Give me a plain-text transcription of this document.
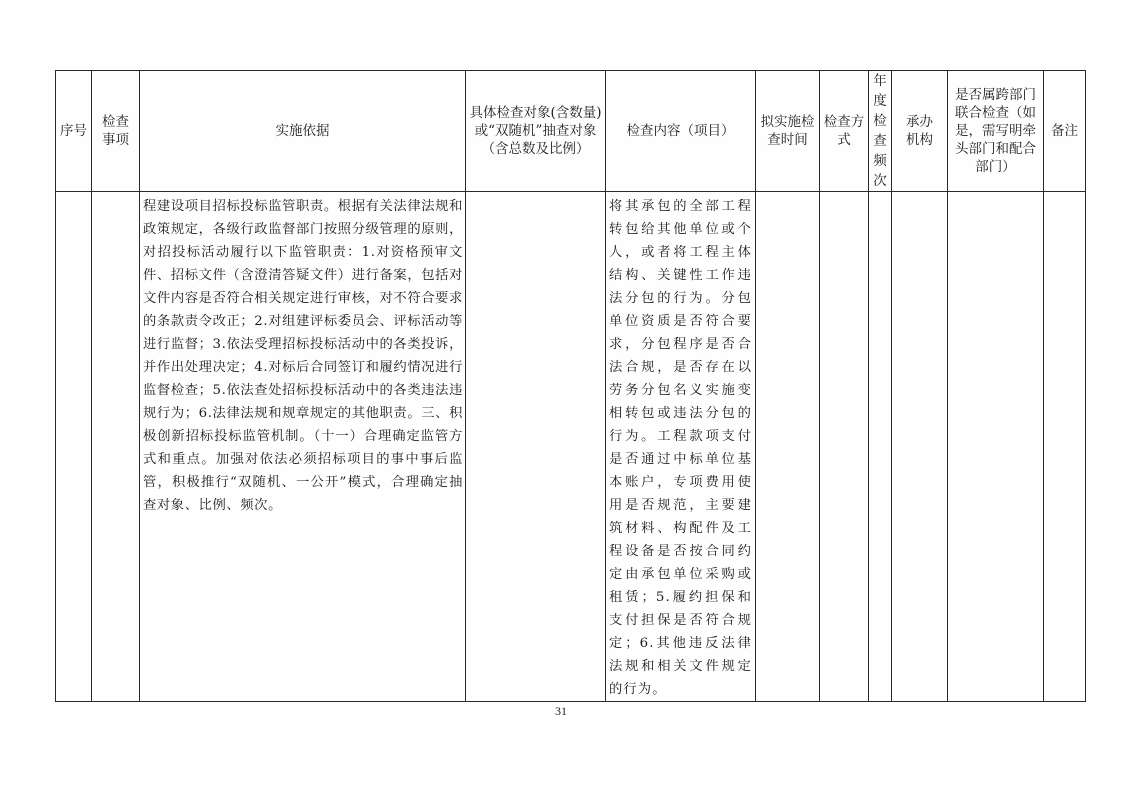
序号	检查事项	实施依据	具体检查对象(含数量)或“双随机”抽查对象（含总数及比例）	检查内容（项目）	拟实施检查时间	检查方式	年度检查频次	承办机构	是否属跨部门联合检查（如是，需写明牵头部门和配合部门）	备注

		程建设项目招标投标监管职责。根据有关法律法规和政策规定，各级行政监督部门按照分级管理的原则，对招投标活动履行以下监管职责：1.对资格预审文件、招标文件（含澄清答疑文件）进行备案，包括对文件内容是否符合相关规定进行审核，对不符合要求的条款责令改正；2.对组建评标委员会、评标活动等进行监督；3.依法受理招标投标活动中的各类投诉，并作出处理决定；4.对标后合同签订和履约情况进行监督检查；5.依法查处招标投标活动中的各类违法违规行为；6.法律法规和规章规定的其他职责。三、积极创新招标投标监管机制。（十一）合理确定监管方式和重点。加强对依法必须招标项目的事中事后监管，积极推行“双随机、一公开”模式，合理确定抽查对象、比例、频次。		将其承包的全部工程转包给其他单位或个人，或者将工程主体结构、关键性工作违法分包的行为。分包单位资质是否符合要求，分包程序是否合法合规，是否存在以劳务分包名义实施变相转包或违法分包的行为。工程款项支付是否通过中标单位基本账户，专项费用使用是否规范，主要建筑材料、构配件及工程设备是否按合同约定由承包单位采购或租赁；5.履约担保和支付担保是否符合规定；6.其他违反法律法规和相关文件规定的行为。						

31
